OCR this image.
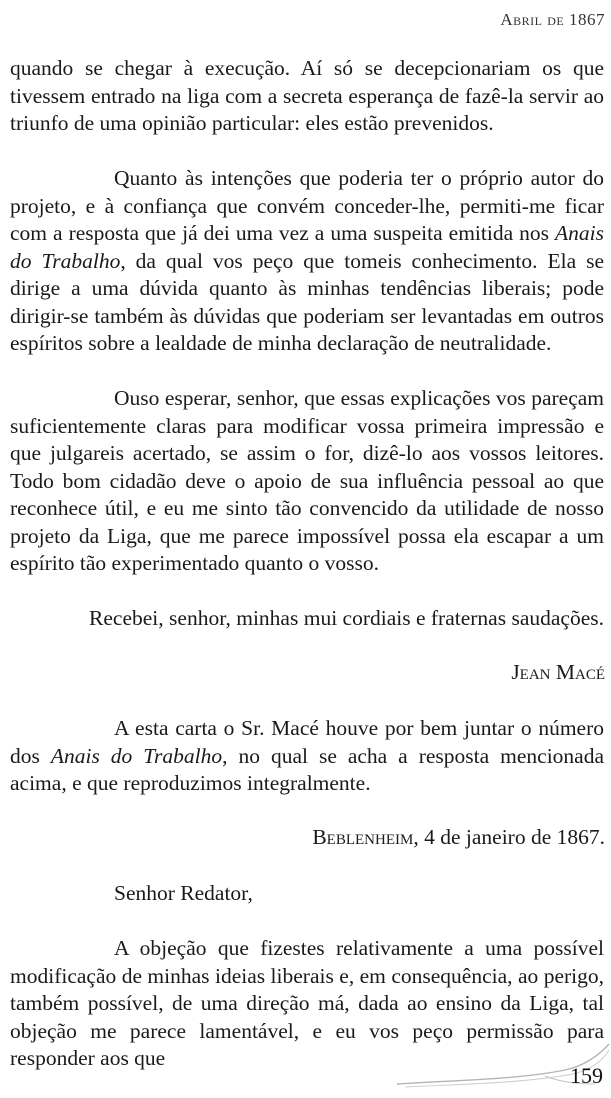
Abril de 1867

quando se chegar à execução. Aí só se decepcionariam os que tivessem entrado na liga com a secreta esperança de fazê-la servir ao triunfo de uma opinião particular: eles estão prevenidos.

Quanto às intenções que poderia ter o próprio autor do projeto, e à confiança que convém conceder-lhe, permiti-me ficar com a resposta que já dei uma vez a uma suspeita emitida nos Anais do Trabalho, da qual vos peço que tomeis conhecimento. Ela se dirige a uma dúvida quanto às minhas tendências liberais; pode dirigir-se também às dúvidas que poderiam ser levantadas em outros espíritos sobre a lealdade de minha declaração de neutralidade.

Ouso esperar, senhor, que essas explicações vos pareçam suficientemente claras para modificar vossa primeira impressão e que julgareis acertado, se assim o for, dizê-lo aos vossos leitores. Todo bom cidadão deve o apoio de sua influência pessoal ao que reconhece útil, e eu me sinto tão convencido da utilidade de nosso projeto da Liga, que me parece impossível possa ela escapar a um espírito tão experimentado quanto o vosso.

Recebei, senhor, minhas mui cordiais e fraternas saudações.

Jean Macé

A esta carta o Sr. Macé houve por bem juntar o número dos Anais do Trabalho, no qual se acha a resposta mencionada acima, e que reproduzimos integralmente.

Beblenheim, 4 de janeiro de 1867.

Senhor Redator,

A objeção que fizestes relativamente a uma possível modificação de minhas ideias liberais e, em consequência, ao perigo, também possível, de uma direção má, dada ao ensino da Liga, tal objeção me parece lamentável, e eu vos peço permissão para responder aos que

159
